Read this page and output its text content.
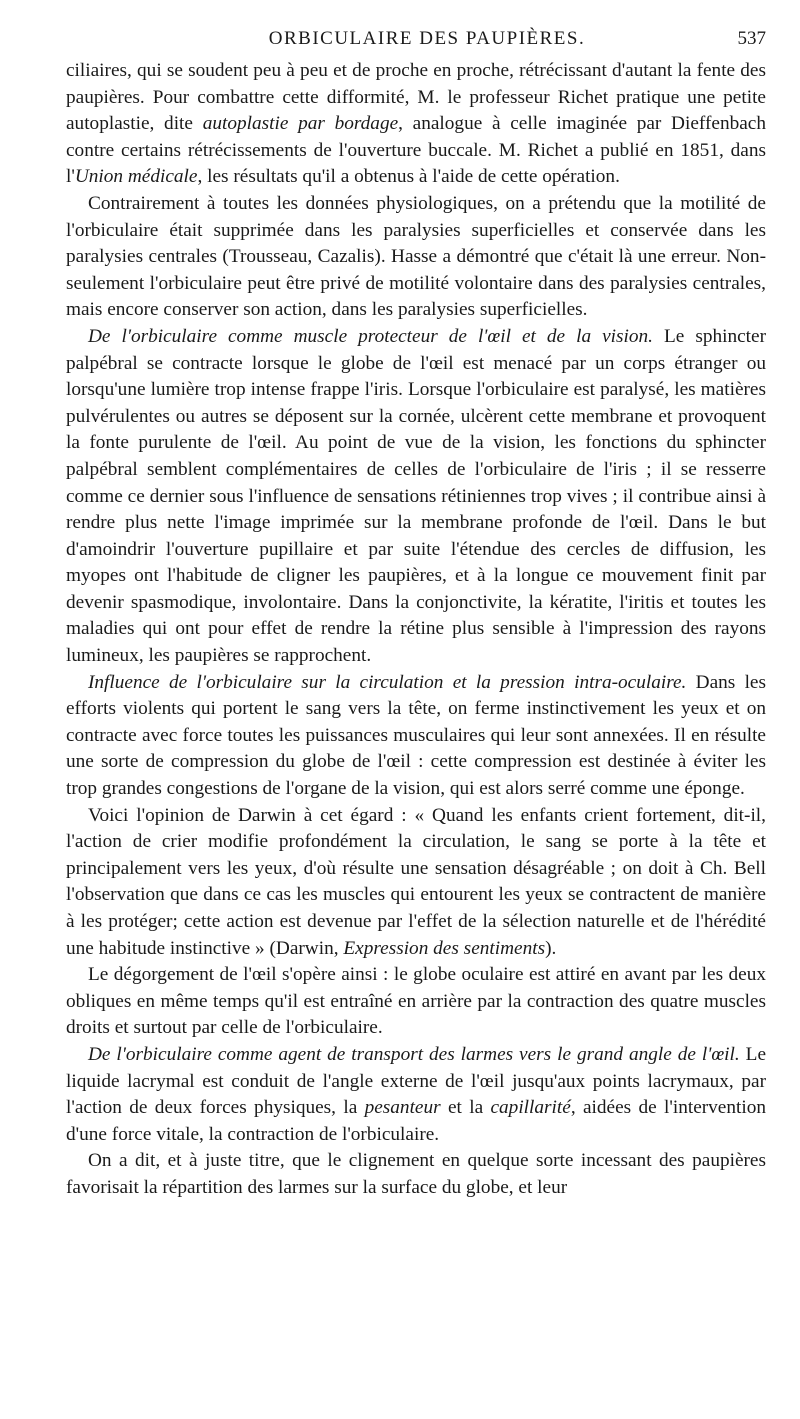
ORBICULAIRE DES PAUPIÈRES.	537

ciliaires, qui se soudent peu à peu et de proche en proche, rétrécissant d'autant la fente des paupières. Pour combattre cette difformité, M. le professeur Richet pratique une petite autoplastie, dite autoplastie par bordage, analogue à celle imaginée par Dieffenbach contre certains rétrécissements de l'ouverture buccale. M. Richet a publié en 1851, dans l'Union médicale, les résultats qu'il a obtenus à l'aide de cette opération.

Contrairement à toutes les données physiologiques, on a prétendu que la motilité de l'orbiculaire était supprimée dans les paralysies superficielles et conservée dans les paralysies centrales (Trousseau, Cazalis). Hasse a démontré que c'était là une erreur. Non-seulement l'orbiculaire peut être privé de motilité volontaire dans des paralysies centrales, mais encore conserver son action, dans les paralysies superficielles.

De l'orbiculaire comme muscle protecteur de l'œil et de la vision. Le sphincter palpébral se contracte lorsque le globe de l'œil est menacé par un corps étranger ou lorsqu'une lumière trop intense frappe l'iris. Lorsque l'orbiculaire est paralysé, les matières pulvérulentes ou autres se déposent sur la cornée, ulcèrent cette membrane et provoquent la fonte purulente de l'œil. Au point de vue de la vision, les fonctions du sphincter palpébral semblent complémentaires de celles de l'orbiculaire de l'iris ; il se resserre comme ce dernier sous l'influence de sensations rétiniennes trop vives ; il contribue ainsi à rendre plus nette l'image imprimée sur la membrane profonde de l'œil. Dans le but d'amoindrir l'ouverture pupillaire et par suite l'étendue des cercles de diffusion, les myopes ont l'habitude de cligner les paupières, et à la longue ce mouvement finit par devenir spasmodique, involontaire. Dans la conjonctivite, la kératite, l'iritis et toutes les maladies qui ont pour effet de rendre la rétine plus sensible à l'impression des rayons lumineux, les paupières se rapprochent.

Influence de l'orbiculaire sur la circulation et la pression intra-oculaire. Dans les efforts violents qui portent le sang vers la tête, on ferme instinctivement les yeux et on contracte avec force toutes les puissances musculaires qui leur sont annexées. Il en résulte une sorte de compression du globe de l'œil : cette compression est destinée à éviter les trop grandes congestions de l'organe de la vision, qui est alors serré comme une éponge.

Voici l'opinion de Darwin à cet égard : « Quand les enfants crient fortement, dit-il, l'action de crier modifie profondément la circulation, le sang se porte à la tête et principalement vers les yeux, d'où résulte une sensation désagréable ; on doit à Ch. Bell l'observation que dans ce cas les muscles qui entourent les yeux se contractent de manière à les protéger; cette action est devenue par l'effet de la sélection naturelle et de l'hérédité une habitude instinctive » (Darwin, Expression des sentiments).

Le dégorgement de l'œil s'opère ainsi : le globe oculaire est attiré en avant par les deux obliques en même temps qu'il est entraîné en arrière par la contraction des quatre muscles droits et surtout par celle de l'orbiculaire.

De l'orbiculaire comme agent de transport des larmes vers le grand angle de l'œil. Le liquide lacrymal est conduit de l'angle externe de l'œil jusqu'aux points lacrymaux, par l'action de deux forces physiques, la pesanteur et la capillarité, aidées de l'intervention d'une force vitale, la contraction de l'orbiculaire.

On a dit, et à juste titre, que le clignement en quelque sorte incessant des paupières favorisait la répartition des larmes sur la surface du globe, et leur
